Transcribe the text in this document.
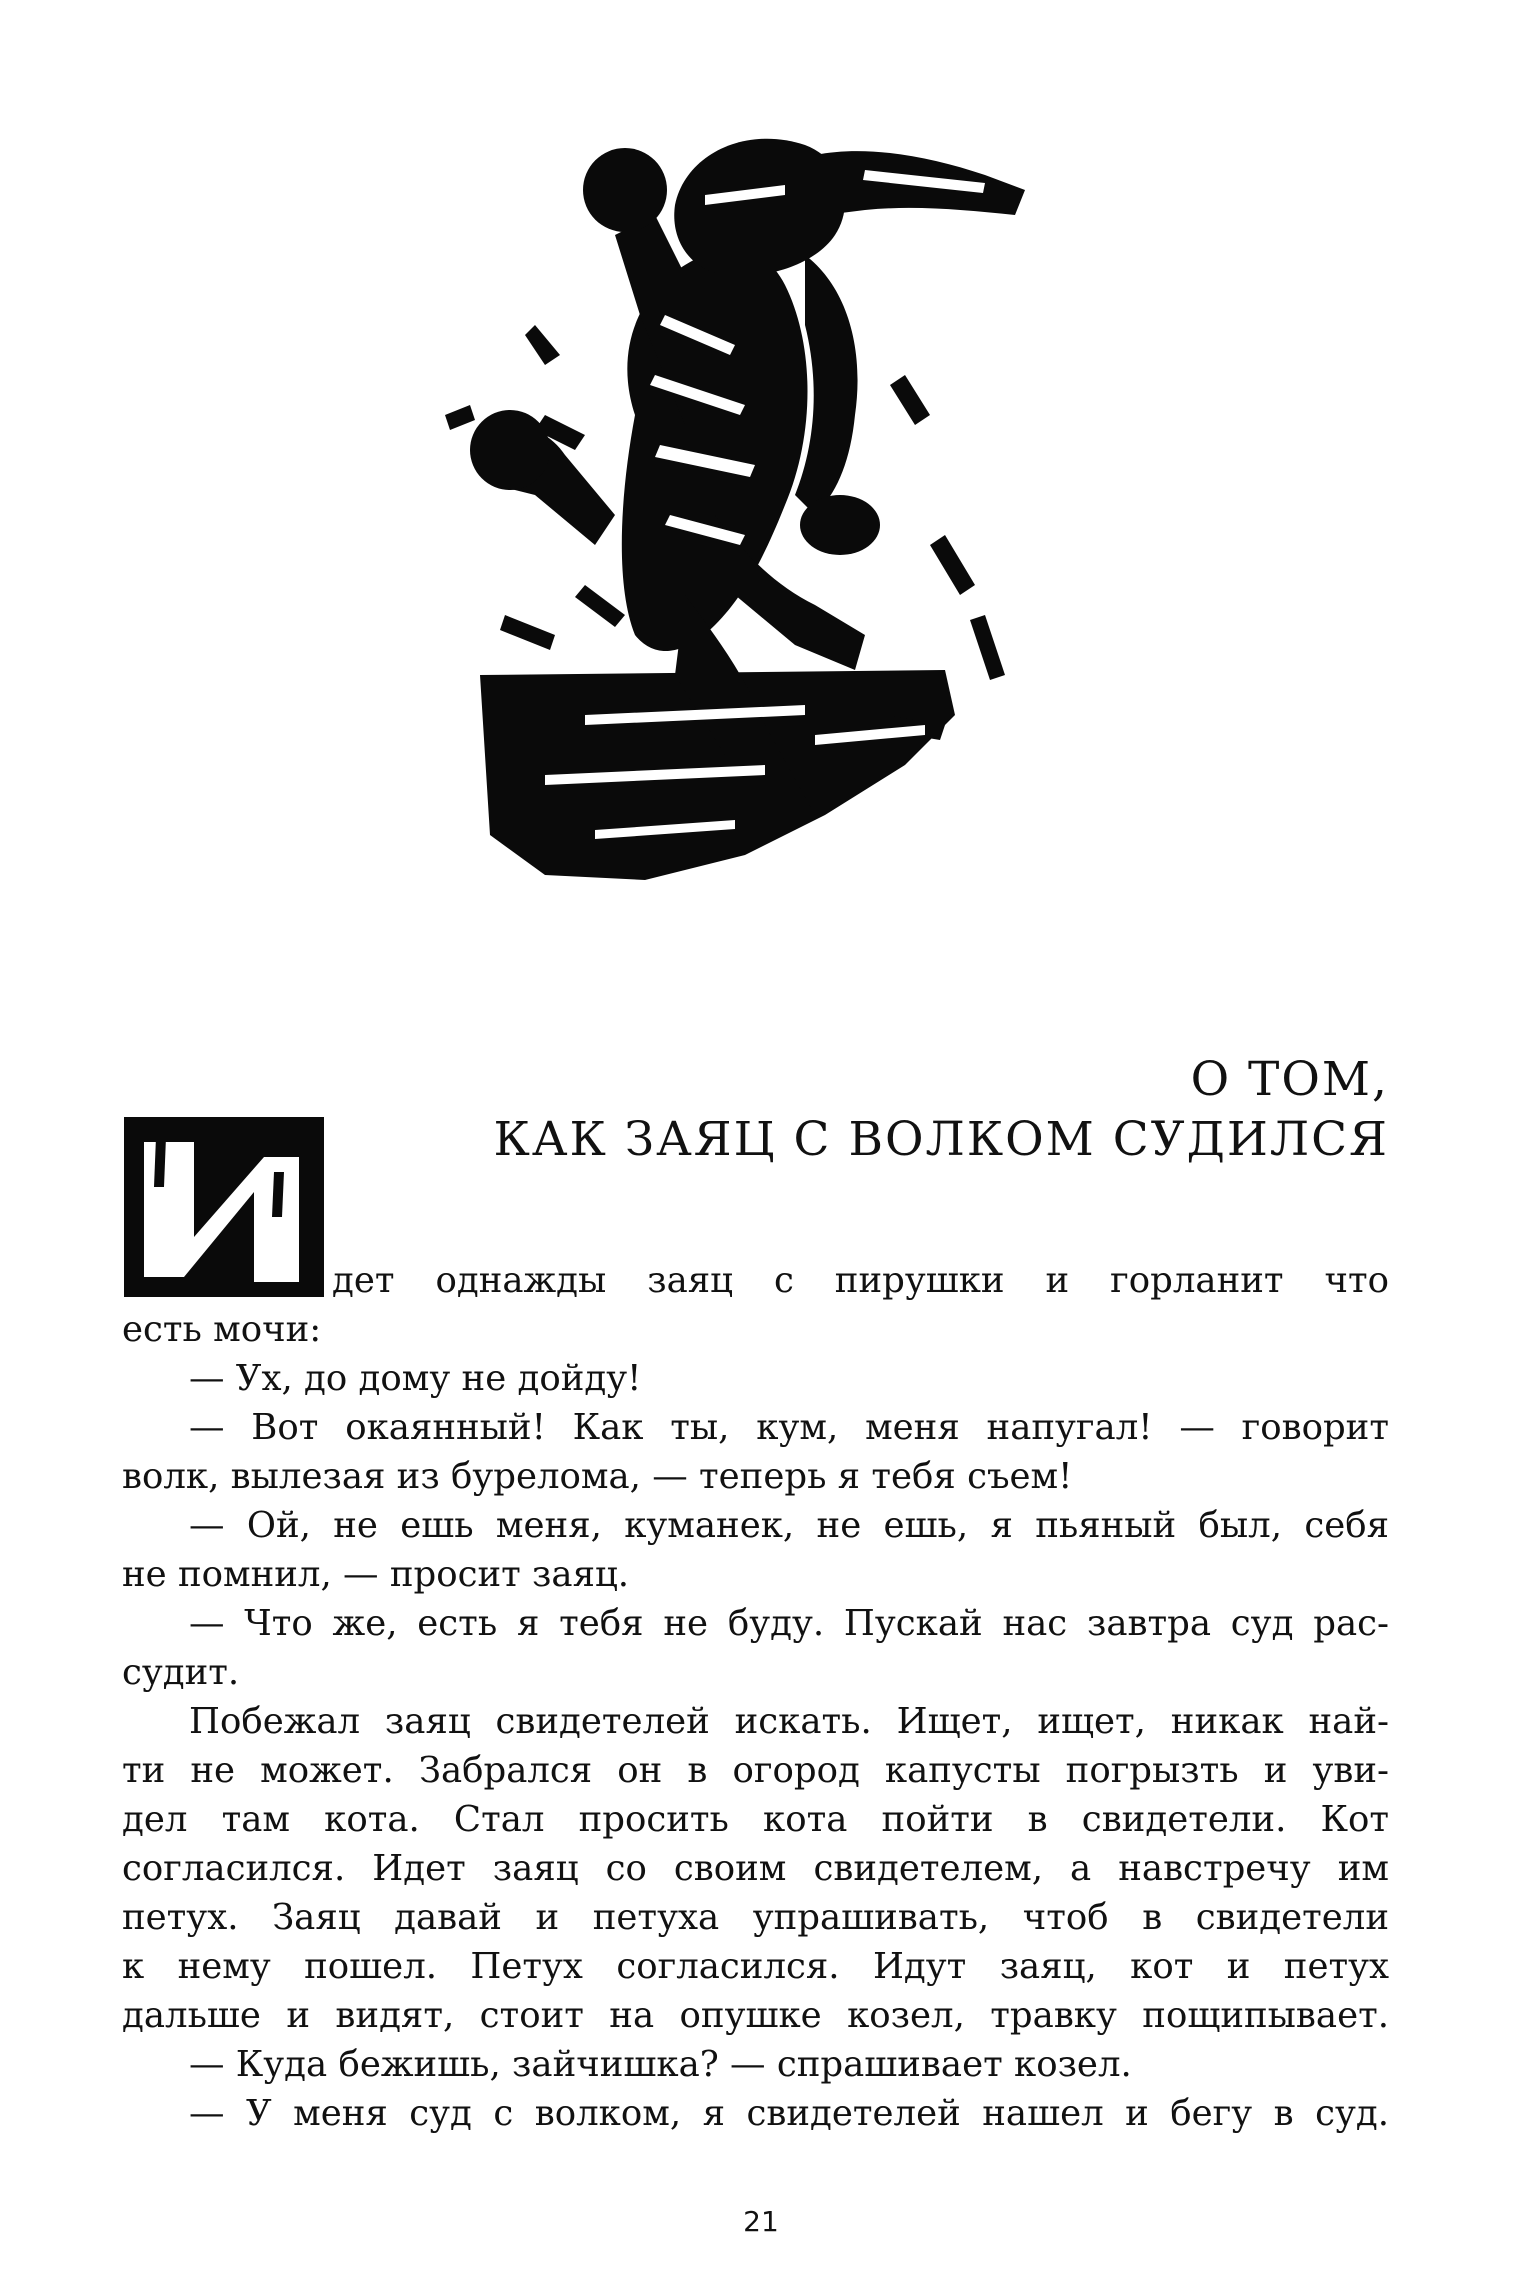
О ТОМ,
КАК ЗАЯЦ С ВОЛКОМ СУДИЛСЯ
дет однажды заяц с пирушки и горланит что
есть мочи:
— Ух, до дому не дойду!
— Вот окаянный! Как ты, кум, меня напугал! — говорит
волк, вылезая из бурелома, — теперь я тебя съем!
— Ой, не ешь меня, куманек, не ешь, я пьяный был, себя
не помнил, — просит заяц.
— Что же, есть я тебя не буду. Пускай нас завтра суд рас-
судит.
Побежал заяц свидетелей искать. Ищет, ищет, никак най-
ти не может. Забрался он в огород капусты погрызть и уви-
дел там кота. Стал просить кота пойти в свидетели. Кот
согласился. Идет заяц со своим свидетелем, а навстречу им
петух. Заяц давай и петуха упрашивать, чтоб в свидетели
к нему пошел. Петух согласился. Идут заяц, кот и петух
дальше и видят, стоит на опушке козел, травку пощипывает.
— Куда бежишь, зайчишка? — спрашивает козел.
— У меня суд с волком, я свидетелей нашел и бегу в суд.
21
